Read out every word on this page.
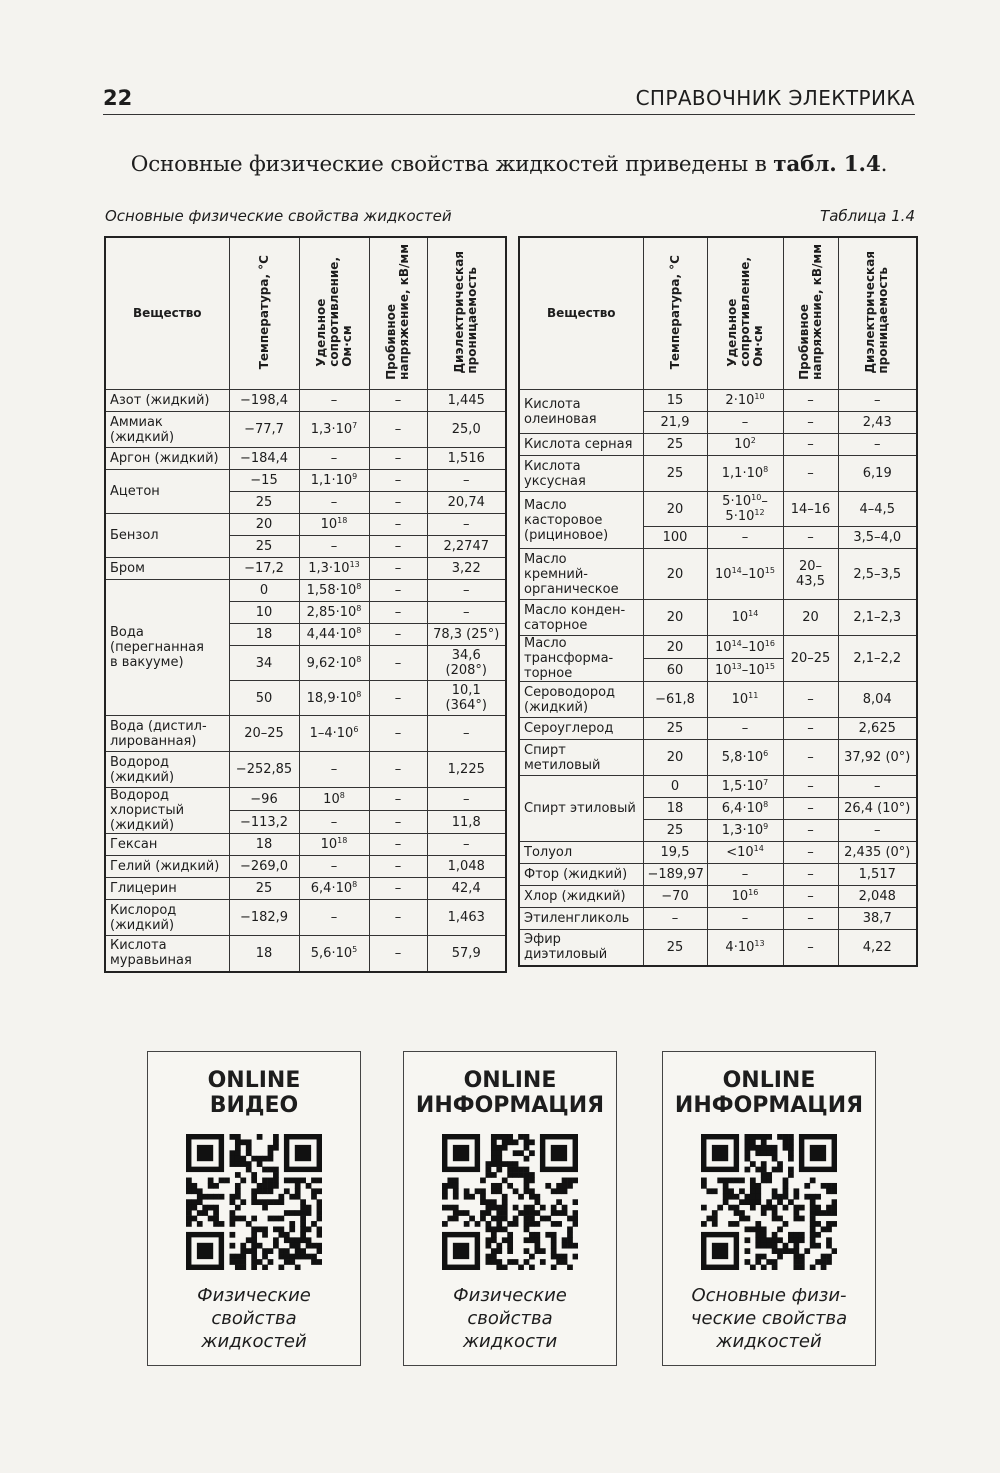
22	СПРАВОЧНИК ЭЛЕКТРИКА
Основные физические свойства жидкостей приведены в табл. 1.4.
Основные физические свойства жидкостей	Таблица 1.4
Вещество	Температура, °C	Удельное
сопротивление,
Ом·см	Пробивное
напряжение, кВ/мм	Диэлектрическая
проницаемость
Азот (жидкий)	−198,4	–	–	1,445
Аммиак
(жидкий)	−77,7	$1,3\cdot 10^7$	–	25,0
Аргон (жидкий)	−184,4	–	–	1,516
Ацетон	−15	$1,1\cdot 10^9$	–	–
	25	–	–	20,74
Бензол	20	$10^{18}$	–	–
	25	–	–	2,2747
Бром	−17,2	$1,3\cdot 10^{13}$	–	3,22
Вода
(перегнанная
в вакууме)	0	$1,58\cdot 10^8$	–	–
	10	$2,85\cdot 10^8$	–	–
	18	$4,44\cdot 10^8$	–	78,3 (25°)
	34	$9,62\cdot 10^8$	–	34,6
(208°)
	50	$18,9\cdot 10^8$	–	10,1
(364°)
Вода (дистил-
лированная)	20–25	$1-4\cdot 10^6$	–	–
Водород
(жидкий)	−252,85	–	–	1,225
Водород
хлористый
(жидкий)	−96	$10^8$	–	–
	−113,2	–	–	11,8
Гексан	18	$10^{18}$	–	–
Гелий (жидкий)	−269,0	–	–	1,048
Глицерин	25	$6,4\cdot 10^8$	–	42,4
Кислород
(жидкий)	−182,9	–	–	1,463
Кислота
муравьиная	18	$5,6\cdot 10^5$	–	57,9
Вещество	Температура, °C	Удельное
сопротивление,
Ом·см	Пробивное
напряжение, кВ/мм	Диэлектрическая
проницаемость
Кислота
олеиновая	15	$2\cdot 10^{10}$	–	–
	21,9	–	–	2,43
Кислота серная	25	$10^2$	–	–
Кислота
уксусная	25	$1,1\cdot 10^8$	–	6,19
Масло
касторовое
(рициновое)	20	$5\cdot 10^{10}-$
$5\cdot 10^{12}$	14–16	4–4,5
	100	–	–	3,5–4,0
Масло
кремний-
органическое	20	$10^{14}-10^{15}$	20–
43,5	2,5–3,5
Масло конден-
саторное	20	$10^{14}$	20	2,1–2,3
Масло
трансформа-
торное	20	$10^{14}-10^{16}$	20–25	2,1–2,2
	60	$10^{13}-10^{15}$
Сероводород
(жидкий)	−61,8	$10^{11}$	–	8,04
Сероуглерод	25	–	–	2,625
Спирт
метиловый	20	$5,8\cdot 10^6$	–	37,92 (0°)
Спирт этиловый	0	$1,5\cdot 10^7$	–	–
	18	$6,4\cdot 10^8$	–	26,4 (10°)
	25	$1,3\cdot 10^9$	–	–
Толуол	19,5	$<10^{14}$	–	2,435 (0°)
Фтор (жидкий)	−189,97	–	–	1,517
Хлор (жидкий)	−70	$10^{16}$	–	2,048
Этиленгликоль	–	–	–	38,7
Эфир
диэтиловый	25	$4\cdot 10^{13}$	–	4,22
ONLINE
ВИДЕО
Физические
свойства
жидкостей
ONLINE
ИНФОРМАЦИЯ
Физические
свойства
жидкости
ONLINE
ИНФОРМАЦИЯ
Основные физи-
ческие свойства
жидкостей
